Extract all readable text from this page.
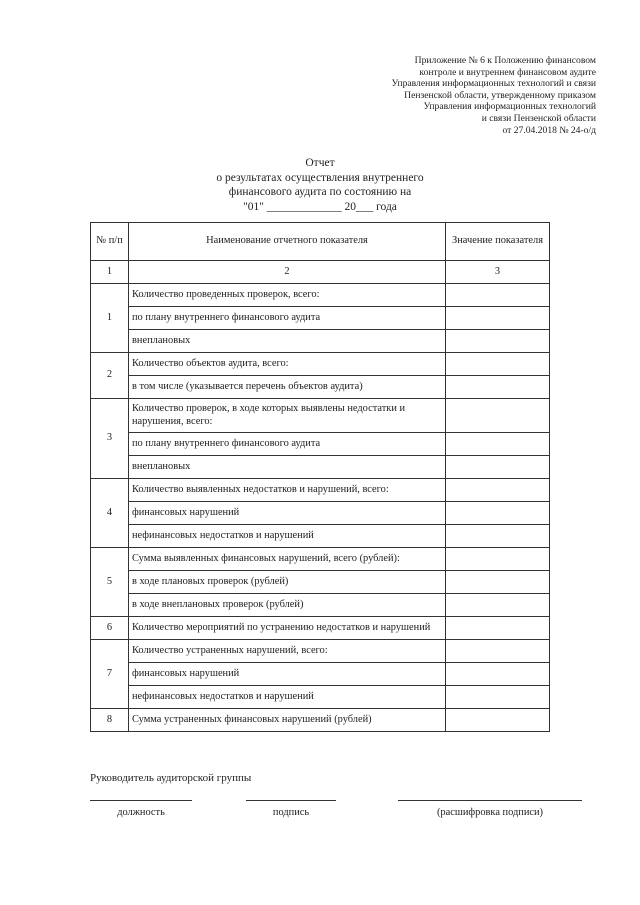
Приложение № 6 к Положению финансовом
контроле и внутреннем финансовом аудите
Управления информационных технологий и связи
Пензенской области, утвержденному приказом
Управления информационных технологий
и связи Пензенской области
от 27.04.2018 № 24-о/д
Отчет
о результатах осуществления внутреннего
финансового аудита по состоянию на
"01" _____________ 20___ года
№ п/п	Наименование отчетного показателя	Значение показателя
1	2	3
1	Количество проведенных проверок, всего:	
	по плану внутреннего финансового аудита	
	внеплановых	
2	Количество объектов аудита, всего:	
	в том числе (указывается перечень объектов аудита)	
3	Количество проверок, в ходе которых выявлены недостатки и нарушения, всего:	
	по плану внутреннего финансового аудита	
	внеплановых	
4	Количество выявленных недостатков и нарушений, всего:	
	финансовых нарушений	
	нефинансовых недостатков и нарушений	
5	Сумма выявленных финансовых нарушений, всего (рублей):	
	в ходе плановых проверок (рублей)	
	в ходе внеплановых проверок (рублей)	
6	Количество мероприятий по устранению недостатков и нарушений	
7	Количество устраненных нарушений, всего:	
	финансовых нарушений	
	нефинансовых недостатков и нарушений	
8	Сумма устраненных финансовых нарушений (рублей)	
Руководитель аудиторской группы
должность	подпись	(расшифровка подписи)
